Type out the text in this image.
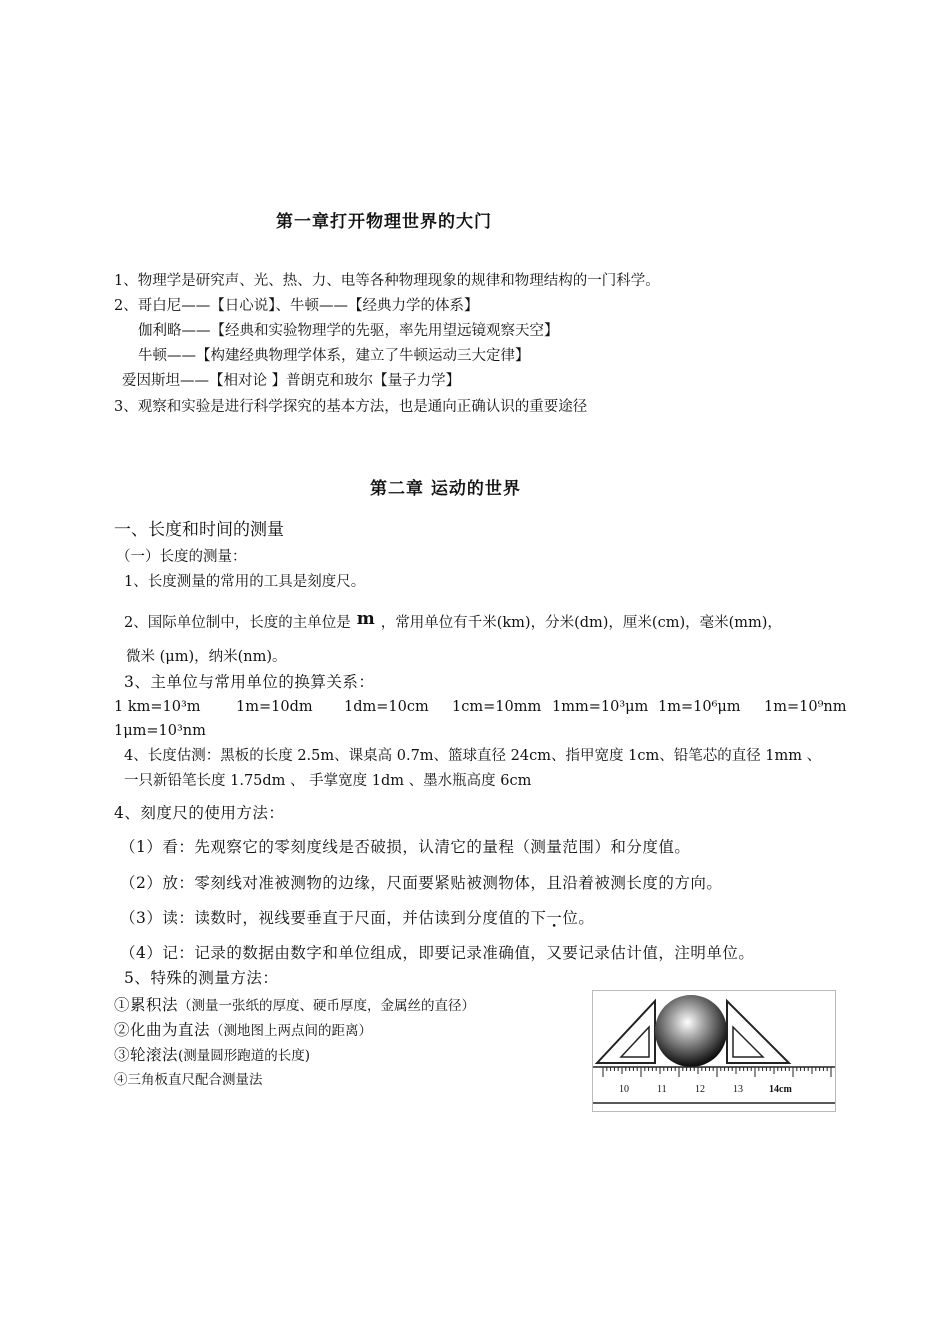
第一章打开物理世界的大门
1、物理学是研究声、光、热、力、电等各种物理现象的规律和物理结构的一门科学。
2、哥白尼——【日心说】、牛顿——【经典力学的体系】
伽利略——【经典和实验物理学的先驱，率先用望远镜观察天空】
牛顿——【构建经典物理学体系，建立了牛顿运动三大定律】
爱因斯坦——【相对论 】普朗克和玻尔【量子力学】
3、观察和实验是进行科学探究的基本方法，也是通向正确认识的重要途径
第二章 运动的世界
一、长度和时间的测量
（一）长度的测量：
1、长度测量的常用的工具是刻度尺。
2、国际单位制中，长度的主单位是 m ，常用单位有千米(km)，分米(dm)，厘米(cm)，毫米(mm)，
微米 (μm)，纳米(nm)。
3、主单位与常用单位的换算关系：
1 km=10³m 1m=10dm 1dm=10cm 1cm=10mm 1mm=10³μm 1m=10⁶μm 1m=10⁹nm
1μm=10³nm
4、长度估测：黑板的长度 2.5m、课桌高 0.7m、篮球直径 24cm、指甲宽度 1cm、铅笔芯的直径 1mm 、
一只新铅笔长度 1.75dm 、 手掌宽度 1dm 、墨水瓶高度 6cm
4、刻度尺的使用方法：
（1）看：先观察它的零刻度线是否破损，认清它的量程（测量范围）和分度值。
（2）放：零刻线对准被测物的边缘，尺面要紧贴被测物体，且沿着被测长度的方向。
（3）读：读数时，视线要垂直于尺面，并估读到分度值的下一位。
（4）记：记录的数据由数字和单位组成，即要记录准确值，又要记录估计值，注明单位。
5、特殊的测量方法：
①累积法（测量一张纸的厚度、硬币厚度，金属丝的直径）
②化曲为直法（测地图上两点间的距离）
③轮滚法(测量圆形跑道的长度)
④三角板直尺配合测量法
10	11	12	13	14cm
